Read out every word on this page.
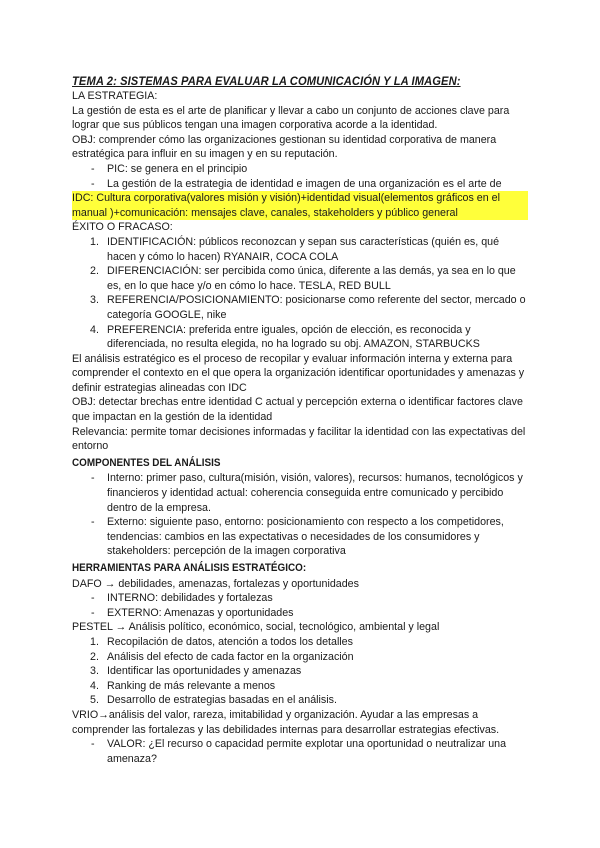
TEMA 2: SISTEMAS PARA EVALUAR LA COMUNICACIÓN Y LA IMAGEN:

LA ESTRATEGIA:

La gestión de esta es el arte de planificar y llevar a cabo un conjunto de acciones clave para lograr que sus públicos tengan una imagen corporativa acorde a la identidad.

OBJ: comprender cómo las organizaciones gestionan su identidad corporativa de manera estratégica para influir en su imagen y en su reputación.

- PIC: se genera en el principio
- La gestión de la estrategia de identidad e imagen de una organización es el arte de

IDC: Cultura corporativa(valores misión y visión)+identidad visual(elementos gráficos en el manual )+comunicación: mensajes clave, canales, stakeholders y público general

ÉXITO O FRACASO:

1. IDENTIFICACIÓN: públicos reconozcan y sepan sus características (quién es, qué hacen y cómo lo hacen) RYANAIR, COCA COLA
2. DIFERENCIACIÓN: ser percibida como única, diferente a las demás, ya sea en lo que es, en lo que hace y/o en cómo lo hace. TESLA, RED BULL
3. REFERENCIA/POSICIONAMIENTO: posicionarse como referente del sector, mercado o categoría GOOGLE, nike
4. PREFERENCIA: preferida entre iguales, opción de elección, es reconocida y diferenciada, no resulta elegida, no ha logrado su obj. AMAZON, STARBUCKS

El análisis estratégico es el proceso de recopilar y evaluar información interna y externa para comprender el contexto en el que opera la organización identificar oportunidades y amenazas y definir estrategias alineadas con IDC

OBJ: detectar brechas entre identidad C actual y percepción externa o identificar factores clave que impactan en la gestión de la identidad

Relevancia: permite tomar decisiones informadas y facilitar la identidad con las expectativas del entorno

COMPONENTES DEL ANÁLISIS
- Interno: primer paso, cultura(misión, visión, valores), recursos: humanos, tecnológicos y financieros y identidad actual: coherencia conseguida entre comunicado y percibido dentro de la empresa.
- Externo: siguiente paso, entorno: posicionamiento con respecto a los competidores, tendencias: cambios en las expectativas o necesidades de los consumidores y stakeholders: percepción de la imagen corporativa
HERRAMIENTAS PARA ANÁLISIS ESTRATÉGICO:

DAFO → debilidades, amenazas, fortalezas y oportunidades

- INTERNO: debilidades y fortalezas
- EXTERNO: Amenazas y oportunidades

PESTEL → Análisis político, económico, social, tecnológico, ambiental y legal

1. Recopilación de datos, atención a todos los detalles
2. Análisis del efecto de cada factor en la organización
3. Identificar las oportunidades y amenazas
4. Ranking de más relevante a menos
5. Desarrollo de estrategias basadas en el análisis.

VRIO→análisis del valor, rareza, imitabilidad y organización. Ayudar a las empresas a comprender las fortalezas y las debilidades internas para desarrollar estrategias efectivas.

- VALOR: ¿El recurso o capacidad permite explotar una oportunidad o neutralizar una amenaza?
